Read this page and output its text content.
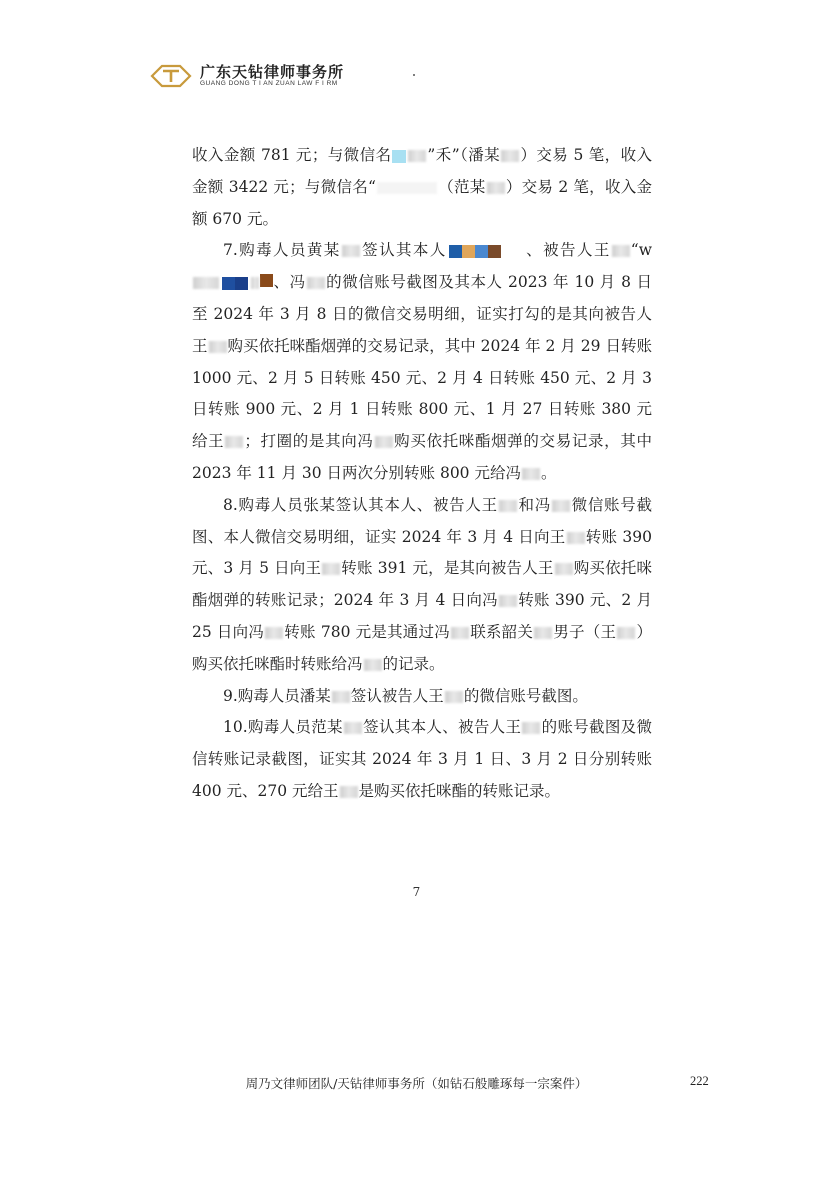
广东天钻律师事务所
GUANG DONG T I AN ZUAN LAW F I RM

收入金额 781 元；与微信名 ”禾”（潘某 ）交易 5 笔，收入金额 3422 元；与微信名“	（范某 ）交易 2 笔，收入金额 670 元。

7.购毒人员黄某 签认其本人	、被告人王 “w
、冯 的微信账号截图及其本人 2023 年 10 月 8 日至 2024 年 3 月 8 日的微信交易明细，证实打勾的是其向被告人王 购买依托咪酯烟弹的交易记录，其中 2024 年 2 月 29 日转账 1000 元、2 月 5 日转账 450 元、2 月 4 日转账 450 元、2 月 3 日转账 900 元、2 月 1 日转账 800 元、1 月 27 日转账 380 元给王 ；打圈的是其向冯 购买依托咪酯烟弹的交易记录，其中 2023 年 11 月 30 日两次分别转账 800 元给冯 。

8.购毒人员张某签认其本人、被告人王 和冯 微信账号截图、本人微信交易明细，证实 2024 年 3 月 4 日向王 转账 390 元、3 月 5 日向王 转账 391 元，是其向被告人王 购买依托咪酯烟弹的转账记录；2024 年 3 月 4 日向冯 转账 390 元、2 月 25 日向冯 转账 780 元是其通过冯 联系韶关 男子（王 ）购买依托咪酯时转账给冯 的记录。

9.购毒人员潘某 签认被告人王 的微信账号截图。

10.购毒人员范某 签认其本人、被告人王 的账号截图及微信转账记录截图，证实其 2024 年 3 月 1 日、3 月 2 日分别转账 400 元、270 元给王 是购买依托咪酯的转账记录。

7
周乃文律师团队/天钻律师事务所（如钻石般雕琢每一宗案件）	222
